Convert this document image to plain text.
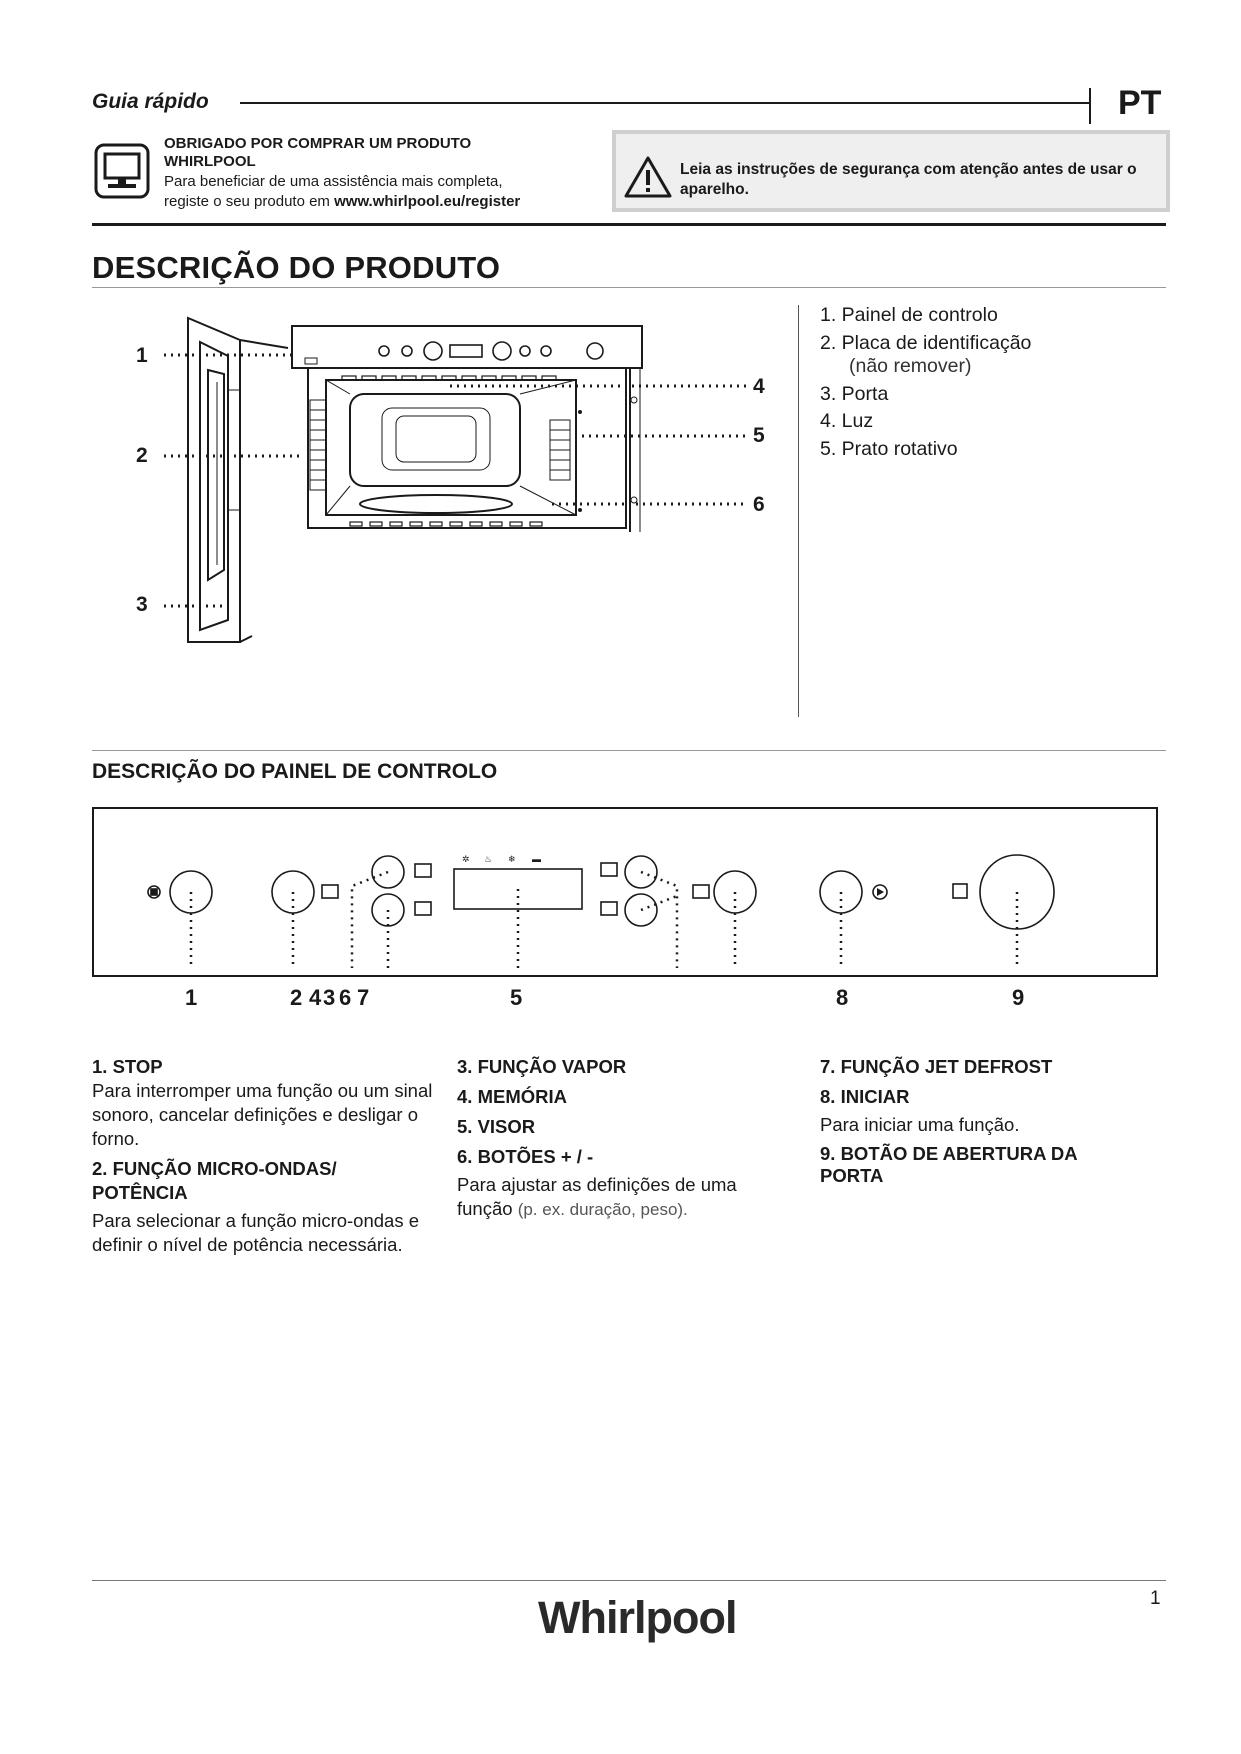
Guia rápido	PT
OBRIGADO POR COMPRAR UM PRODUTO WHIRLPOOL
Para beneficiar de uma assistência mais completa,
registe o seu produto em www.whirlpool.eu/register
Leia as instruções de segurança com atenção antes de usar o aparelho.
DESCRIÇÃO DO PRODUTO
1
2
3
4
5
6
1. Painel de controlo
2. Placa de identificação
(não remover)
3. Porta
4. Luz
5. Prato rotativo
DESCRIÇÃO DO PAINEL DE CONTROLO
✲ ♨ ❄ ▬
1	2 4 3 6 7	5	8	9
1. STOP
Para interromper uma função ou um sinal sonoro, cancelar definições e desligar o forno.
2. FUNÇÃO MICRO-ONDAS/ POTÊNCIA
Para selecionar a função micro-ondas e definir o nível de potência necessária.
3. FUNÇÃO VAPOR
4. MEMÓRIA
5. VISOR
6. BOTÕES + / -
Para ajustar as definições de uma
função (p. ex. duração, peso).
7. FUNÇÃO JET DEFROST
8. INICIAR
Para iniciar uma função.
9. BOTÃO DE ABERTURA DA PORTA
1
Whirlpool
